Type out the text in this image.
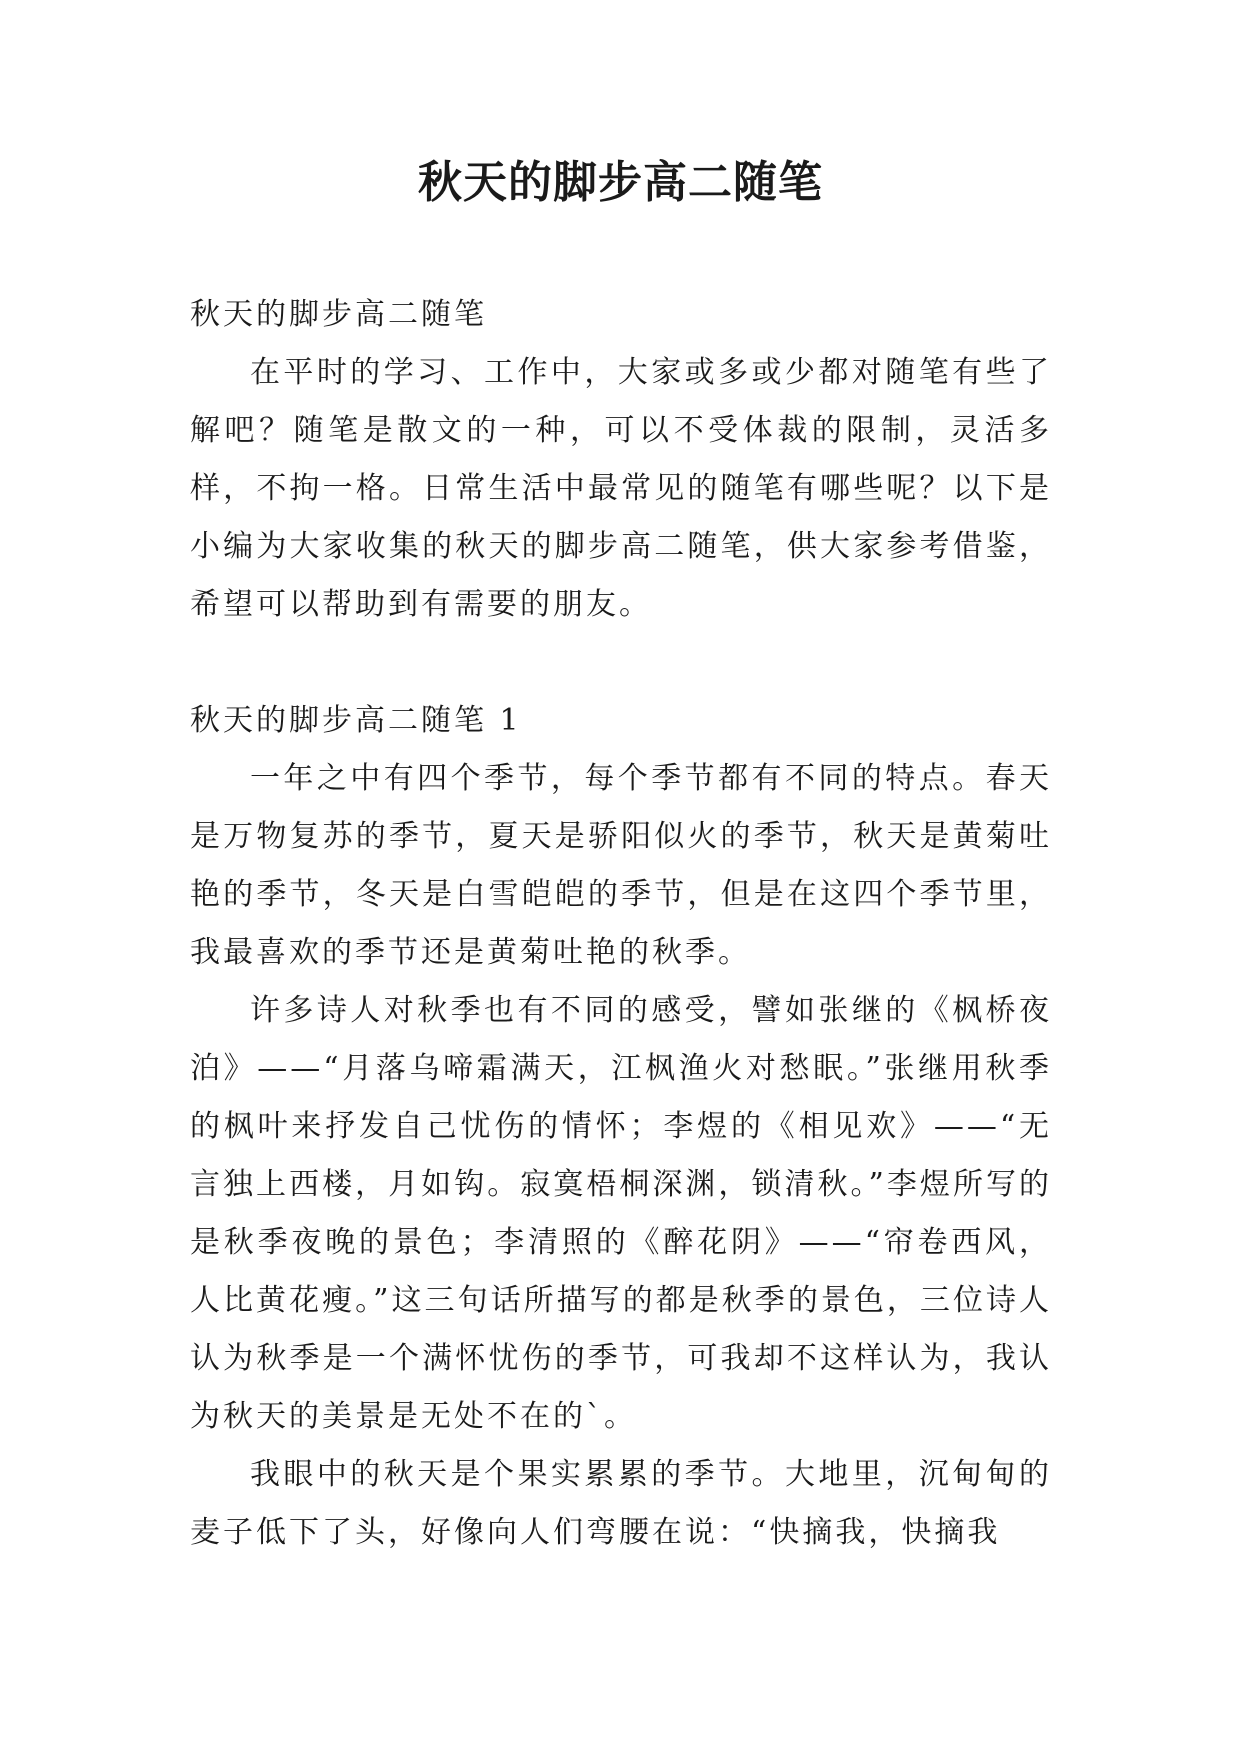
秋天的脚步高二随笔

秋天的脚步高二随笔

在平时的学习、工作中，大家或多或少都对随笔有些了解吧？随笔是散文的一种，可以不受体裁的限制，灵活多样，不拘一格。日常生活中最常见的随笔有哪些呢？以下是小编为大家收集的秋天的脚步高二随笔，供大家参考借鉴，希望可以帮助到有需要的朋友。

秋天的脚步高二随笔 1

一年之中有四个季节，每个季节都有不同的特点。春天是万物复苏的季节，夏天是骄阳似火的季节，秋天是黄菊吐艳的季节，冬天是白雪皑皑的季节，但是在这四个季节里，我最喜欢的季节还是黄菊吐艳的秋季。

许多诗人对秋季也有不同的感受，譬如张继的《枫桥夜泊》——“月落乌啼霜满天，江枫渔火对愁眠。”张继用秋季的枫叶来抒发自己忧伤的情怀；李煜的《相见欢》——“无言独上西楼，月如钩。寂寞梧桐深渊，锁清秋。”李煜所写的是秋季夜晚的景色；李清照的《醉花阴》——“帘卷西风，人比黄花瘦。”这三句话所描写的都是秋季的景色，三位诗人认为秋季是一个满怀忧伤的季节，可我却不这样认为，我认为秋天的美景是无处不在的`。

我眼中的秋天是个果实累累的季节。大地里，沉甸甸的麦子低下了头，好像向人们弯腰在说：“快摘我，快摘我
